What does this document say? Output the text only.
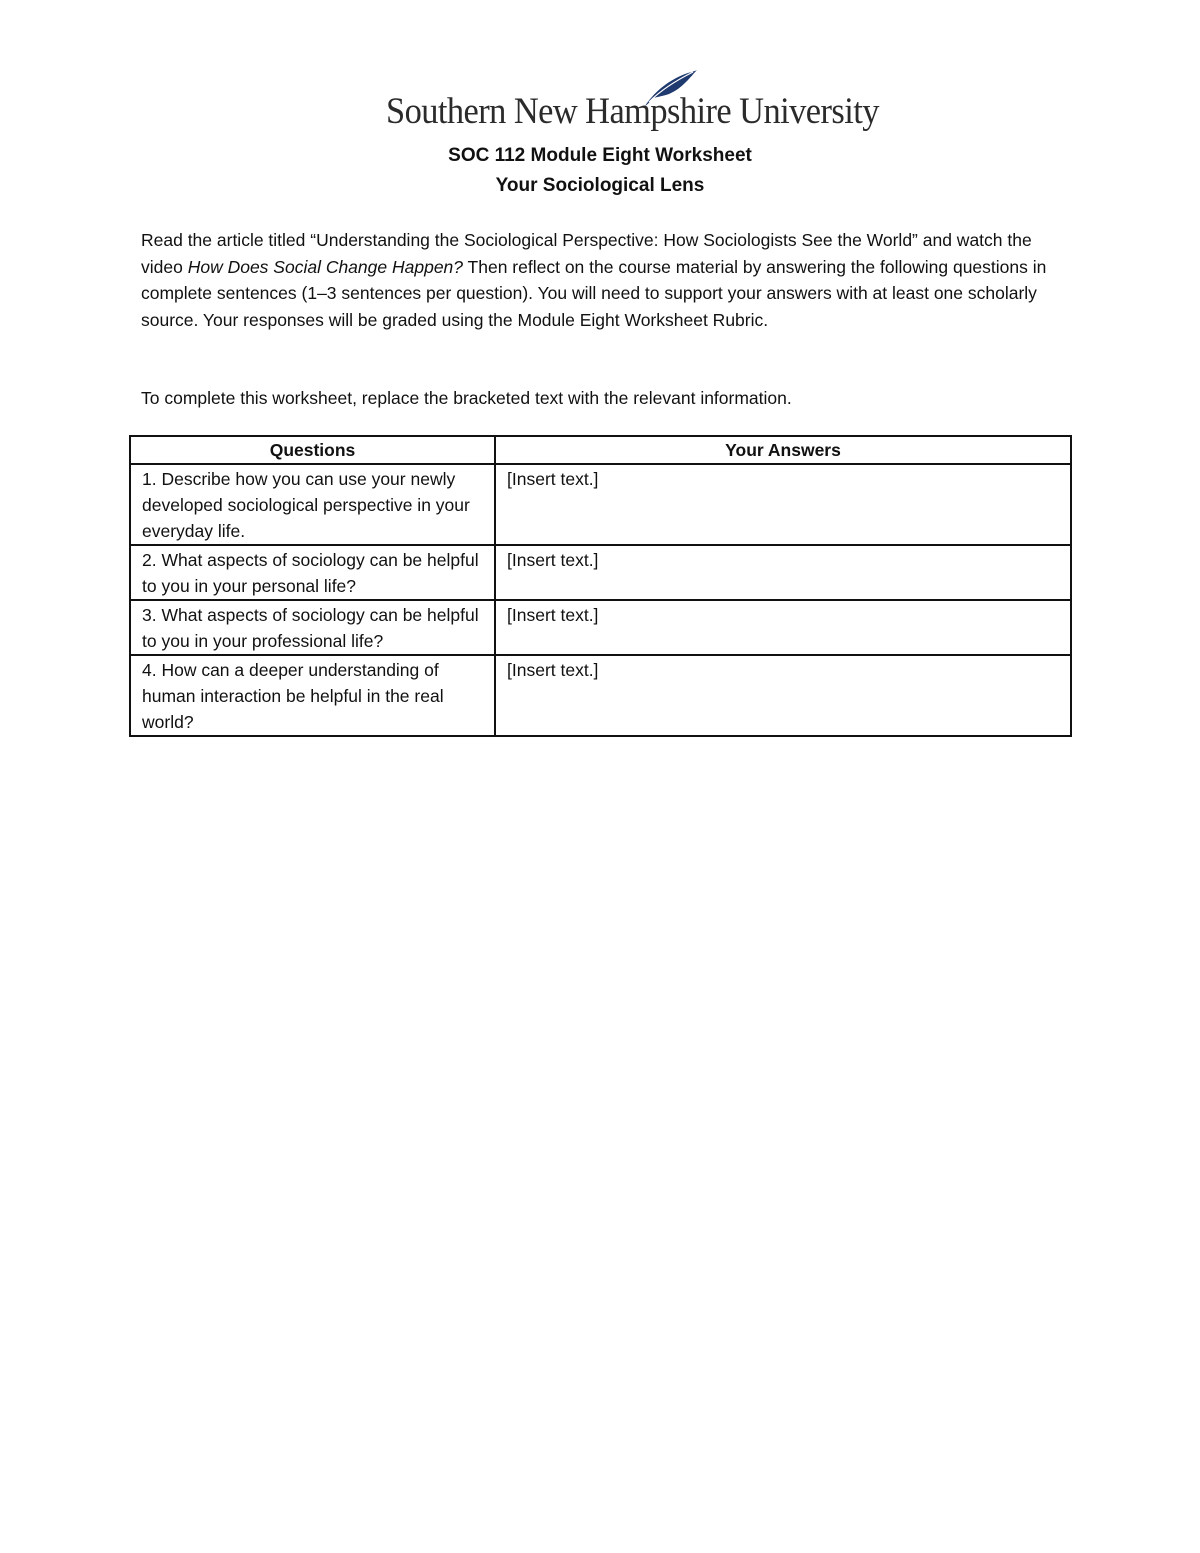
Southern New Hampshire University
SOC 112 Module Eight Worksheet
Your Sociological Lens

Read the article titled “Understanding the Sociological Perspective: How Sociologists See the World” and watch the video How Does Social Change Happen? Then reflect on the course material by answering the following questions in complete sentences (1–3 sentences per question). You will need to support your answers with at least one scholarly source. Your responses will be graded using the Module Eight Worksheet Rubric.

To complete this worksheet, replace the bracketed text with the relevant information.

Questions	Your Answers
1. Describe how you can use your newly developed sociological perspective in your everyday life.	[Insert text.]
2. What aspects of sociology can be helpful to you in your personal life?	[Insert text.]
3. What aspects of sociology can be helpful to you in your professional life?	[Insert text.]
4. How can a deeper understanding of human interaction be helpful in the real world?	[Insert text.]
